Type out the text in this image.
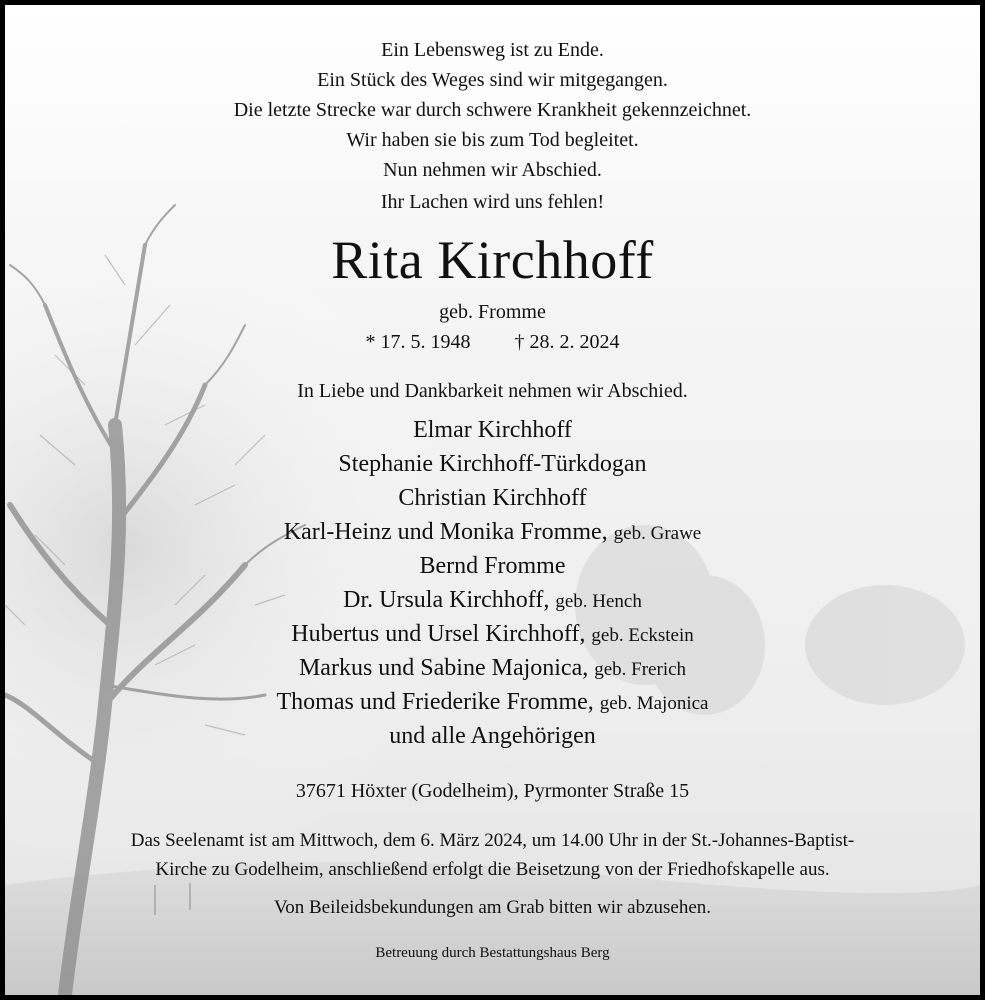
Ein Lebensweg ist zu Ende.
Ein Stück des Weges sind wir mitgegangen.
Die letzte Strecke war durch schwere Krankheit gekennzeichnet.
Wir haben sie bis zum Tod begleitet.
Nun nehmen wir Abschied.
Ihr Lachen wird uns fehlen!
Rita Kirchhoff
geb. Fromme
* 17. 5. 1948 † 28. 2. 2024
In Liebe und Dankbarkeit nehmen wir Abschied.
Elmar Kirchhoff
Stephanie Kirchhoff-Türkdogan
Christian Kirchhoff
Karl-Heinz und Monika Fromme, geb. Grawe
Bernd Fromme
Dr. Ursula Kirchhoff, geb. Hench
Hubertus und Ursel Kirchhoff, geb. Eckstein
Markus und Sabine Majonica, geb. Frerich
Thomas und Friederike Fromme, geb. Majonica
und alle Angehörigen
37671 Höxter (Godelheim), Pyrmonter Straße 15
Das Seelenamt ist am Mittwoch, dem 6. März 2024, um 14.00 Uhr in der St.-Johannes-Baptist-
Kirche zu Godelheim, anschließend erfolgt die Beisetzung von der Friedhofskapelle aus.
Von Beileidsbekundungen am Grab bitten wir abzusehen.
Betreuung durch Bestattungshaus Berg
